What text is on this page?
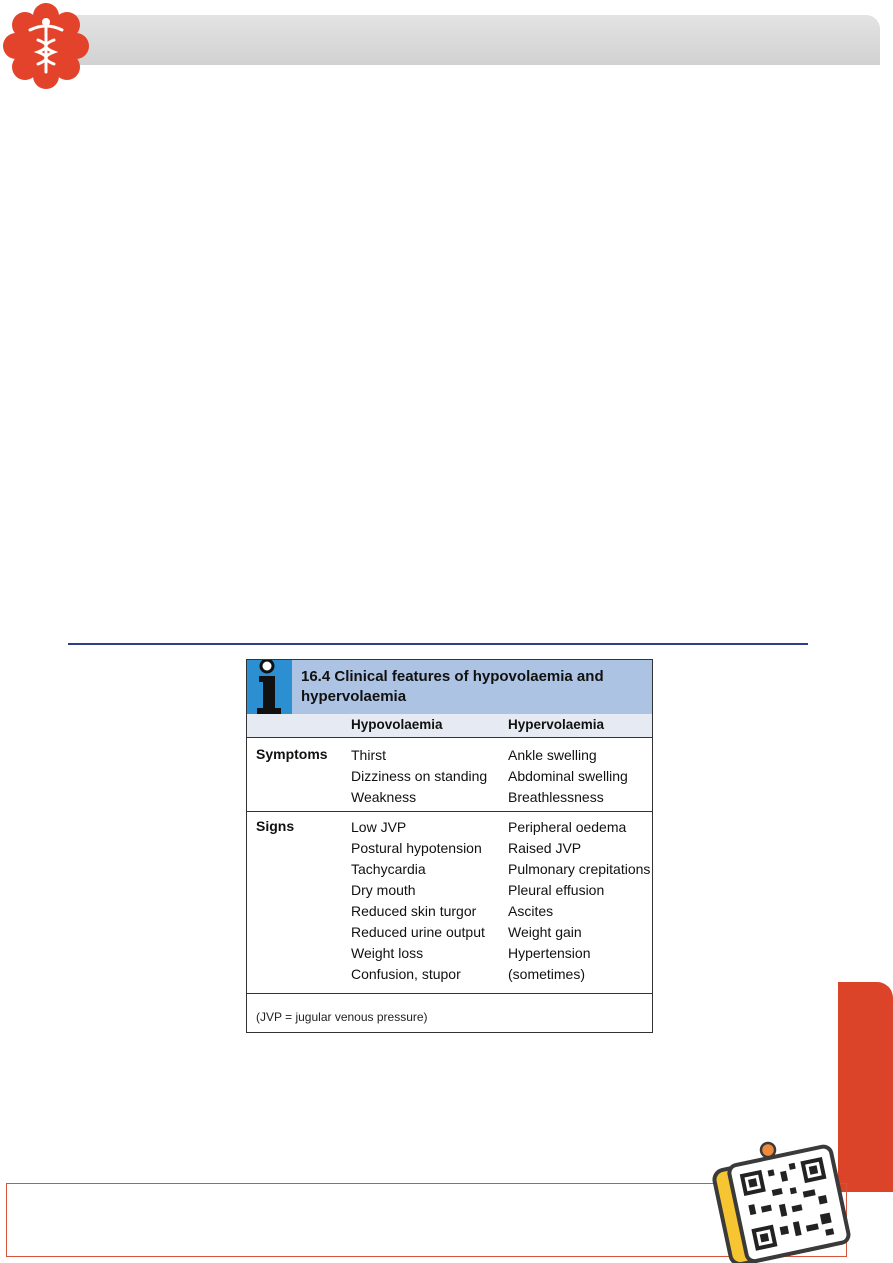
16.4 Clinical features of hypovolaemia and hypervolaemia
Hypovolaemia	Hypervolaemia
Symptoms Thirst
Dizziness on standing
Weakness
Ankle swelling
Abdominal swelling
Breathlessness
Signs	Low JVP
Postural hypotension
Tachycardia
Dry mouth
Reduced skin turgor
Reduced urine output
Weight loss
Confusion, stupor
Peripheral oedema
Raised JVP
Pulmonary crepitations
Pleural effusion
Ascites
Weight gain
Hypertension
(sometimes)
(JVP = jugular venous pressure)
